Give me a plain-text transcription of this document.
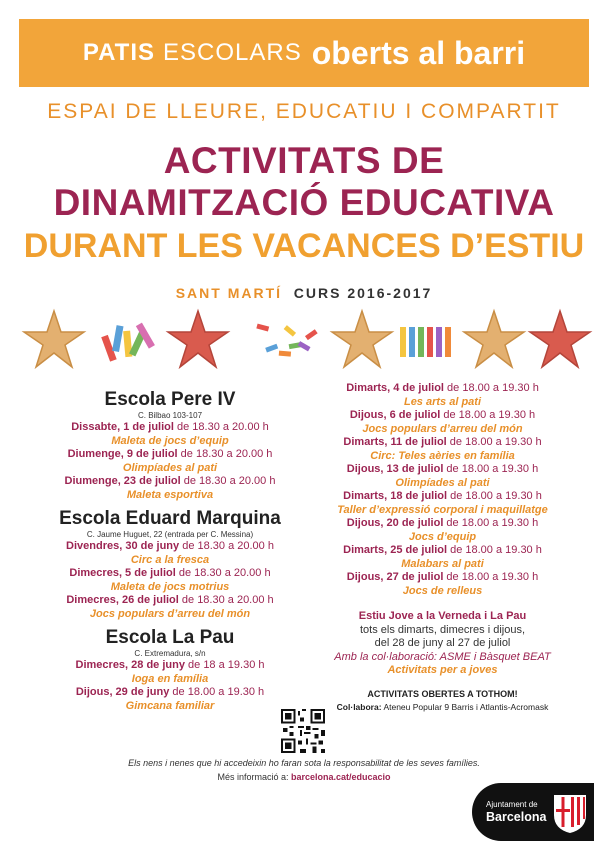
PATIS ESCOLARS oberts al barri
ESPAI DE LLEURE, EDUCATIU I COMPARTIT
ACTIVITATS DE
DINAMITZACIÓ EDUCATIVA
DURANT LES VACANCES D’ESTIU
SANT MARTÍ CURS 2016-2017
Escola Pere IV
C. Bilbao 103-107
Dissabte, 1 de juliol de 18.30 a 20.00 h
Maleta de jocs d’equip
Diumenge, 9 de juliol de 18.30 a 20.00 h
Olimpíades al pati
Diumenge, 23 de juliol de 18.30 a 20.00 h
Maleta esportiva
Escola Eduard Marquina
C. Jaume Huguet, 22 (entrada per C. Messina)
Divendres, 30 de juny de 18.30 a 20.00 h
Circ a la fresca
Dimecres, 5 de juliol de 18.30 a 20.00 h
Maleta de jocs motrius
Dimecres, 26 de juliol de 18.30 a 20.00 h
Jocs populars d’arreu del món
Escola La Pau
C. Extremadura, s/n
Dimecres, 28 de juny de 18 a 19.30 h
Ioga en família
Dijous, 29 de juny de 18.00 a 19.30 h
Gimcana familiar
Dimarts, 4 de juliol de 18.00 a 19.30 h
Les arts al pati
Dijous, 6 de juliol de 18.00 a 19.30 h
Jocs populars d’arreu del món
Dimarts, 11 de juliol de 18.00 a 19.30 h
Circ: Teles aèries en família
Dijous, 13 de juliol de 18.00 a 19.30 h
Olimpíades al pati
Dimarts, 18 de juliol de 18.00 a 19.30 h
Taller d’expressió corporal i maquillatge
Dijous, 20 de juliol de 18.00 a 19.30 h
Jocs d’equip
Dimarts, 25 de juliol de 18.00 a 19.30 h
Malabars al pati
Dijous, 27 de juliol de 18.00 a 19.30 h
Jocs de relleus
Estiu Jove a la Verneda i La Pau
tots els dimarts, dimecres i dijous,
del 28 de juny al 27 de juliol
Amb la col·laboració: ASME i Bàsquet BEAT
Activitats per a joves
ACTIVITATS OBERTES A TOTHOM!
Col·labora: Ateneu Popular 9 Barris i Atlantis-Acromask
Els nens i nenes que hi accedeixin ho faran sota la responsabilitat de les seves famílies.
Més informació a: barcelona.cat/educacio
Ajuntament de
Barcelona
